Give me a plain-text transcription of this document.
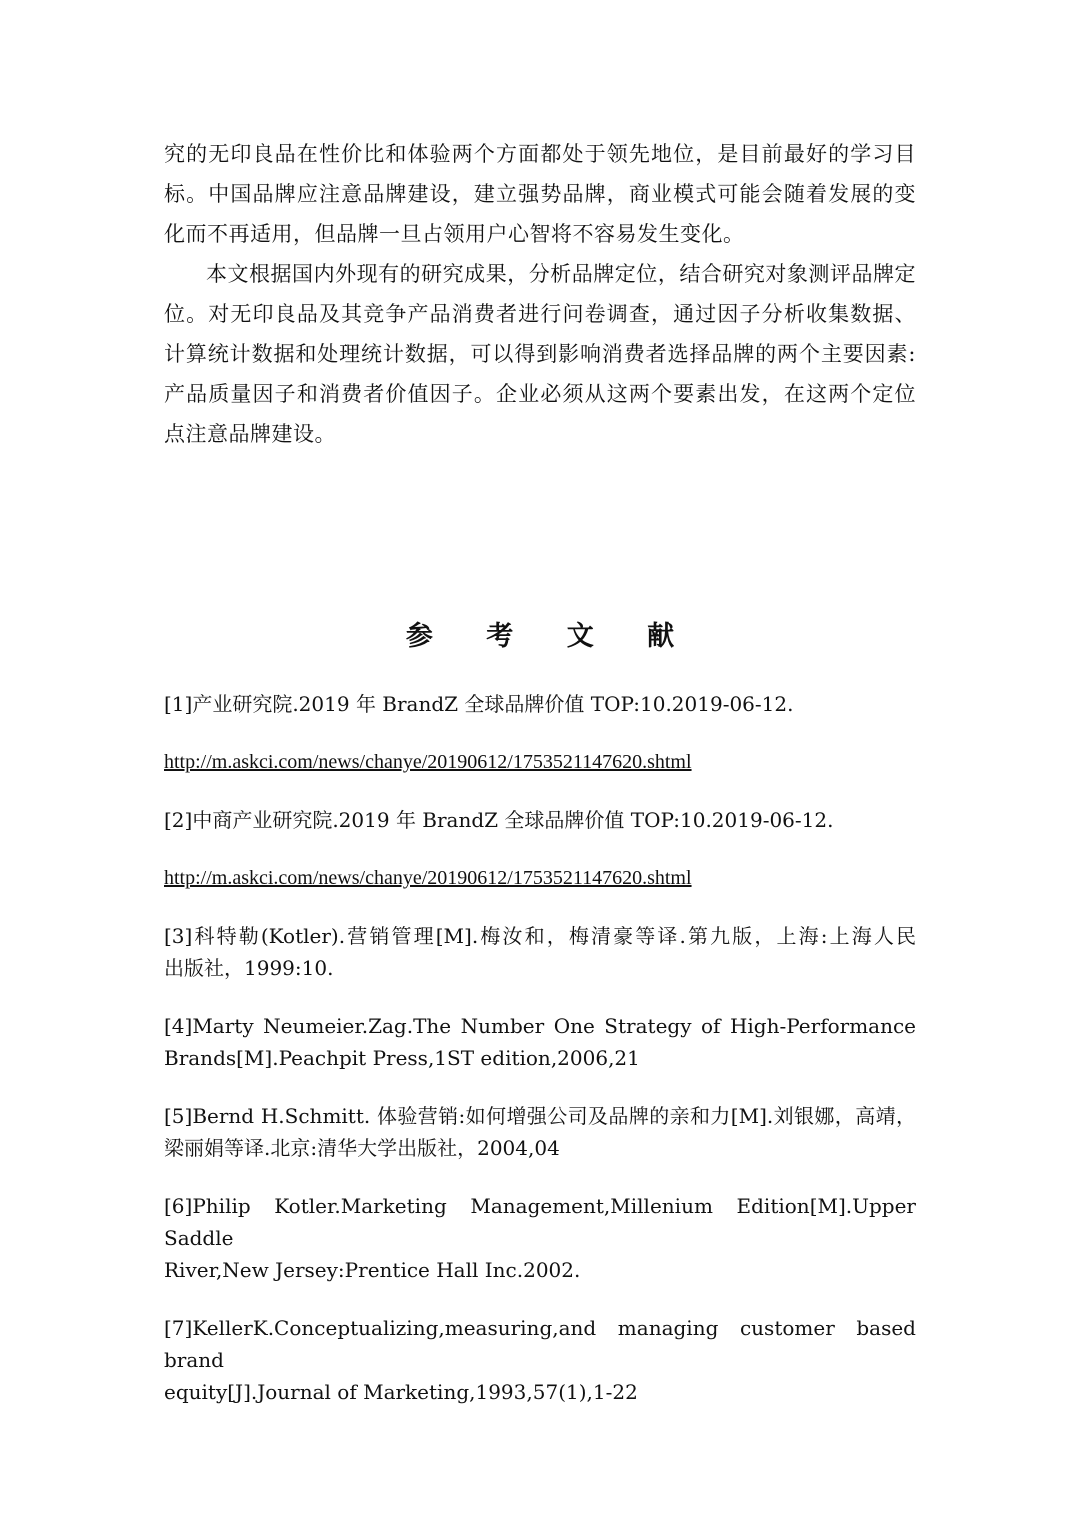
究的无印良品在性价比和体验两个方面都处于领先地位，是目前最好的学习目标。中国品牌应注意品牌建设，建立强势品牌，商业模式可能会随着发展的变化而不再适用，但品牌一旦占领用户心智将不容易发生变化。

本文根据国内外现有的研究成果，分析品牌定位，结合研究对象测评品牌定位。对无印良品及其竞争产品消费者进行问卷调查，通过因子分析收集数据、计算统计数据和处理统计数据，可以得到影响消费者选择品牌的两个主要因素:产品质量因子和消费者价值因子。企业必须从这两个要素出发，在这两个定位点注意品牌建设。

参 考 文 献

[1]产业研究院.2019 年 BrandZ 全球品牌价值 TOP:10.2019-06-12.

http://m.askci.com/news/chanye/20190612/1753521147620.shtml

[2]中商产业研究院.2019 年 BrandZ 全球品牌价值 TOP:10.2019-06-12.

http://m.askci.com/news/chanye/20190612/1753521147620.shtml

[3]科特勒(Kotler).营销管理[M].梅汝和，梅清豪等译.第九版，上海:上海人民
出版社，1999:10.

[4]Marty Neumeier.Zag.The Number One Strategy of High-Performance
Brands[M].Peachpit Press,1ST edition,2006,21

[5]Bernd H.Schmitt. 体验营销:如何增强公司及品牌的亲和力[M].刘银娜，高靖，
梁丽娟等译.北京:清华大学出版社，2004,04

[6]Philip Kotler.Marketing Management,Millenium Edition[M].Upper Saddle
River,New Jersey:Prentice Hall Inc.2002.

[7]KellerK.Conceptualizing,measuring,and managing customer based brand
equity[J].Journal of Marketing,1993,57(1),1-22
